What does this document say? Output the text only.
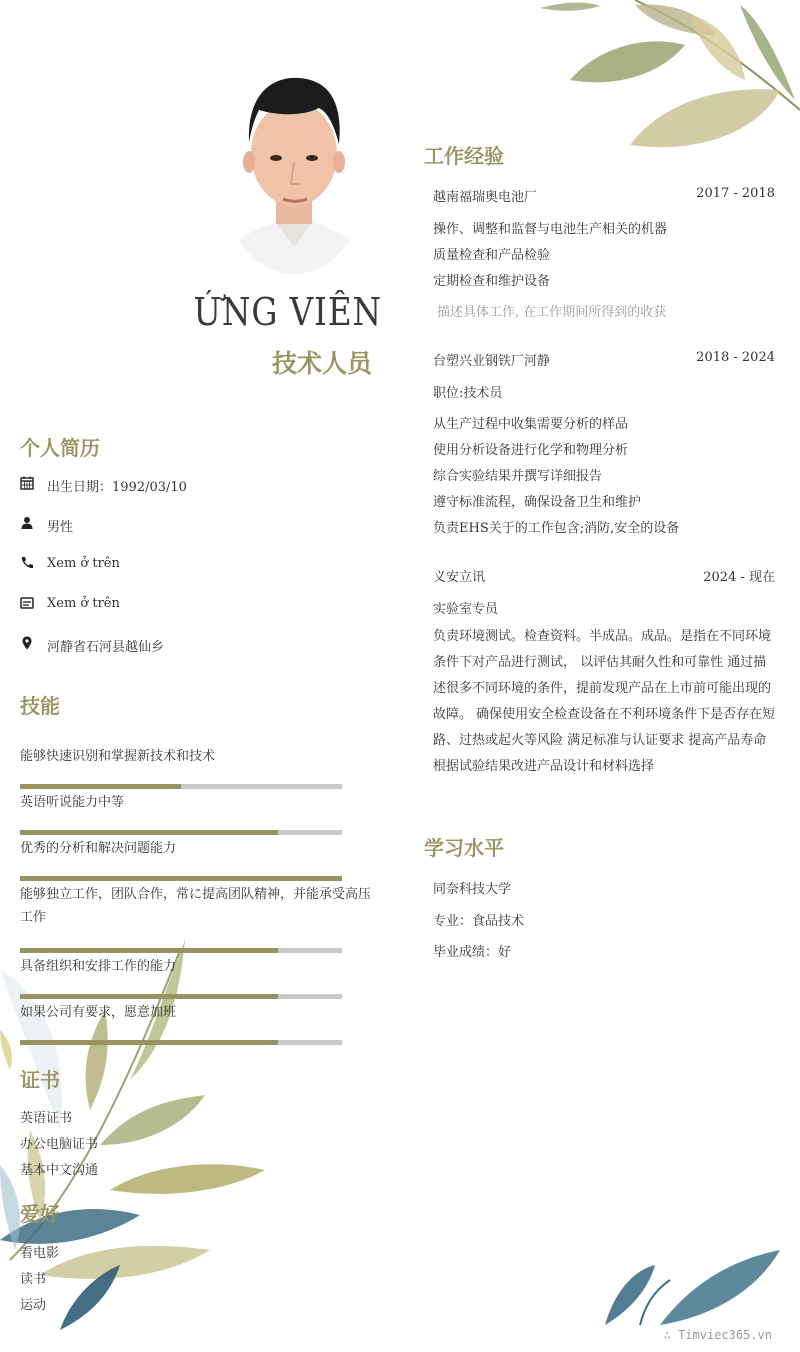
ỨNG VIÊN
技术人员
个人简历
出生日期：1992/03/10
男性
Xem ở trên
Xem ở trên
河静省石河县越仙乡
技能
能够快速识别和掌握新技术和技术
英语听说能力中等
优秀的分析和解决问题能力
能够独立工作，团队合作，常に提高团队精神，并能承受高压工作
具备组织和安排工作的能力
如果公司有要求，愿意加班
证书
英语证书
办公电脑证书
基本中文沟通
爱好
看电影
读书
运动
工作经验
越南福瑞奥电池厂	2017 - 2018
操作、调整和监督与电池生产相关的机器
质量检查和产品检验
定期检查和维护设备
描述具体工作, 在工作期间所得到的收获
台塑兴业钢铁厂河静	2018 - 2024
职位:技术员
从生产过程中收集需要分析的样品
使用分析设备进行化学和物理分析
综合实验结果并撰写详细报告
遵守标准流程，确保设备卫生和维护
负责EHS关于的工作包含;消防,安全的设备
义安立讯	2024 - 现在
实验室专员
负责环境测试。检查资料。半成品。成品。是指在不同环境条件下对产品进行测试， 以评估其耐久性和可靠性 通过描述很多不同环境的条件，提前发现产品在上市前可能出现的故障。 确保使用安全检查设备在不利环境条件下是否存在短路、过热或起火等风险 满足标准与认证要求 提高产品寿命 根据试验结果改进产品设计和材料选择
学习水平
同奈科技大学
专业：食品技术
毕业成绩：好
∴ Timviec365.vn
